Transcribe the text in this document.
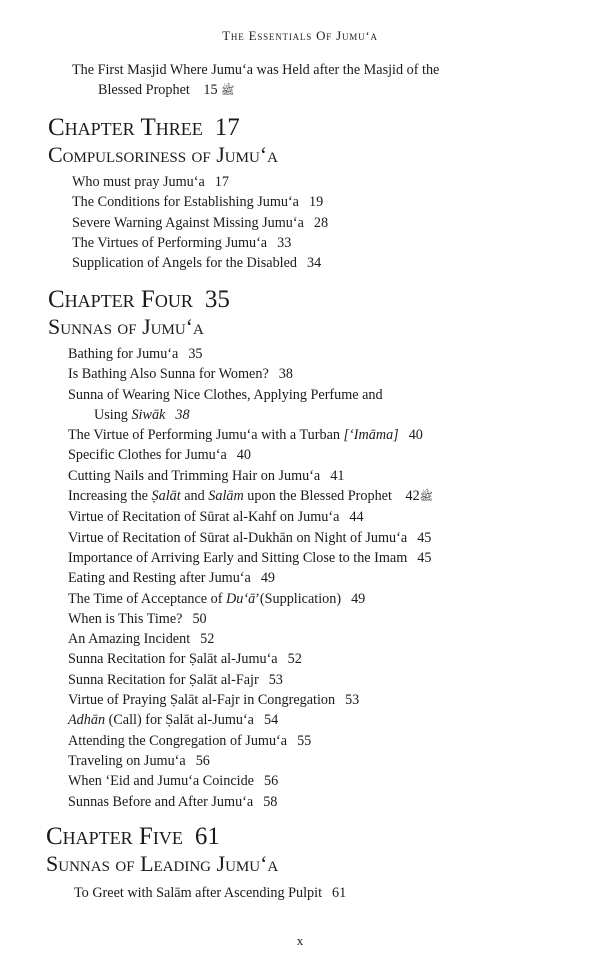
The Essentials Of Jumu‘a
The First Masjid Where Jumu‘a was Held after the Masjid of the
Blessed Prophet	ﷺ 15
Chapter Three 17
Compulsoriness of Jumu‘a
Who must pray Jumu‘a 17
The Conditions for Establishing Jumu‘a 19
Severe Warning Against Missing Jumu‘a 28
The Virtues of Performing Jumu‘a 33
Supplication of Angels for the Disabled 34
Chapter Four 35
Sunnas of Jumu‘a
Bathing for Jumu‘a 35
Is Bathing Also Sunna for Women? 38
Sunna of Wearing Nice Clothes, Applying Perfume and
Using Siwāk 38
The Virtue of Performing Jumu‘a with a Turban [‘Imāma] 40
Specific Clothes for Jumu‘a 40
Cutting Nails and Trimming Hair on Jumu‘a 41
Increasing the Ṣalāt and Salām upon the Blessed Prophet ﷺ42
Virtue of Recitation of Sūrat al-Kahf on Jumu‘a 44
Virtue of Recitation of Sūrat al-Dukhān on Night of Jumu‘a 45
Importance of Arriving Early and Sitting Close to the Imam 45
Eating and Resting after Jumu‘a 49
The Time of Acceptance of Du‘ā’(Supplication) 49
When is This Time? 50
An Amazing Incident 52
Sunna Recitation for Ṣalāt al-Jumu‘a 52
Sunna Recitation for Ṣalāt al-Fajr 53
Virtue of Praying Ṣalāt al-Fajr in Congregation 53
Adhān (Call) for Ṣalāt al-Jumu‘a 54
Attending the Congregation of Jumu‘a 55
Traveling on Jumu‘a 56
When ‘Eid and Jumu‘a Coincide 56
Sunnas Before and After Jumu‘a 58
Chapter Five 61
Sunnas of Leading Jumu‘a
To Greet with Salām after Ascending Pulpit 61
x
